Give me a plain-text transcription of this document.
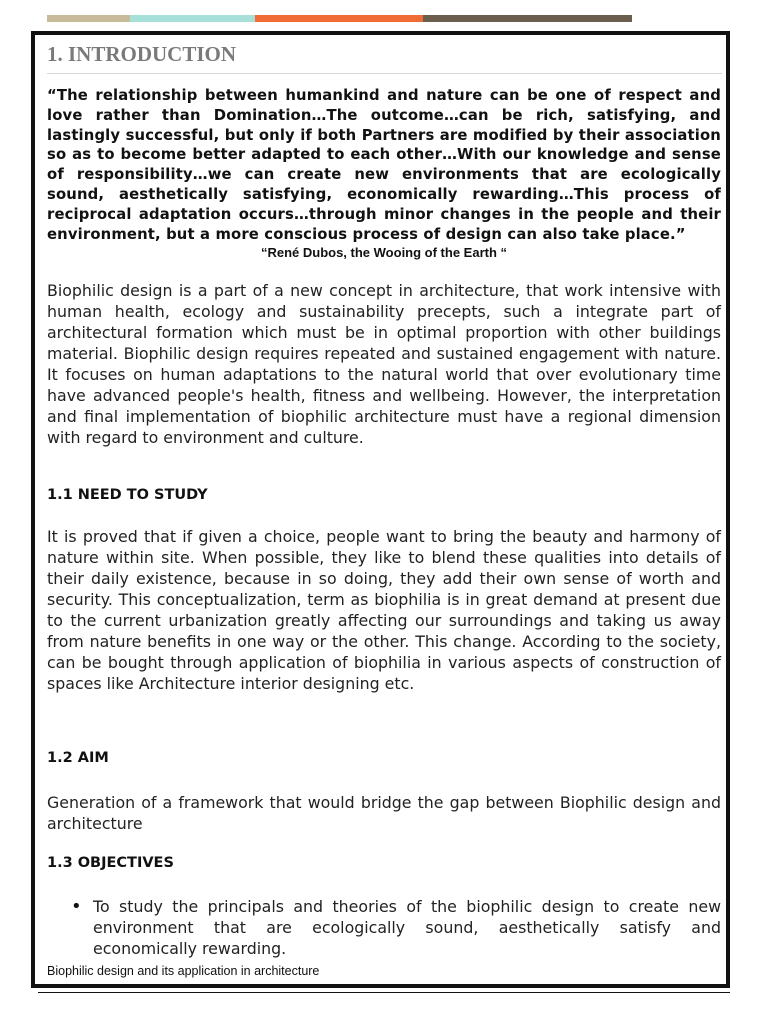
1. INTRODUCTION

“The relationship between humankind and nature can be one of respect and love rather than Domination…The outcome…can be rich, satisfying, and lastingly successful, but only if both Partners are modified by their association so as to become better adapted to each other…With our knowledge and sense of responsibility…we can create new environments that are ecologically sound, aesthetically satisfying, economically rewarding…This process of reciprocal adaptation occurs…through minor changes in the people and their environment, but a more conscious process of design can also take place.”

“René Dubos, the Wooing of the Earth “

Biophilic design is a part of a new concept in architecture, that work intensive with human health, ecology and sustainability precepts, such a integrate part of architectural formation which must be in optimal proportion with other buildings material. Biophilic design requires repeated and sustained engagement with nature. It focuses on human adaptations to the natural world that over evolutionary time have advanced people's health, fitness and wellbeing. However, the interpretation and final implementation of biophilic architecture must have a regional dimension with regard to environment and culture.

1.1 NEED TO STUDY

It is proved that if given a choice, people want to bring the beauty and harmony of nature within site. When possible, they like to blend these qualities into details of their daily existence, because in so doing, they add their own sense of worth and security. This conceptualization, term as biophilia is in great demand at present due to the current urbanization greatly affecting our surroundings and taking us away from nature benefits in one way or the other. This change. According to the society, can be bought through application of biophilia in various aspects of construction of spaces like Architecture interior designing etc.

1.2 AIM

Generation of a framework that would bridge the gap between Biophilic design and architecture

1.3 OBJECTIVES
• To study the principals and theories of the biophilic design to create new environment that are ecologically sound, aesthetically satisfy and economically rewarding.

Biophilic design and its application in architecture
